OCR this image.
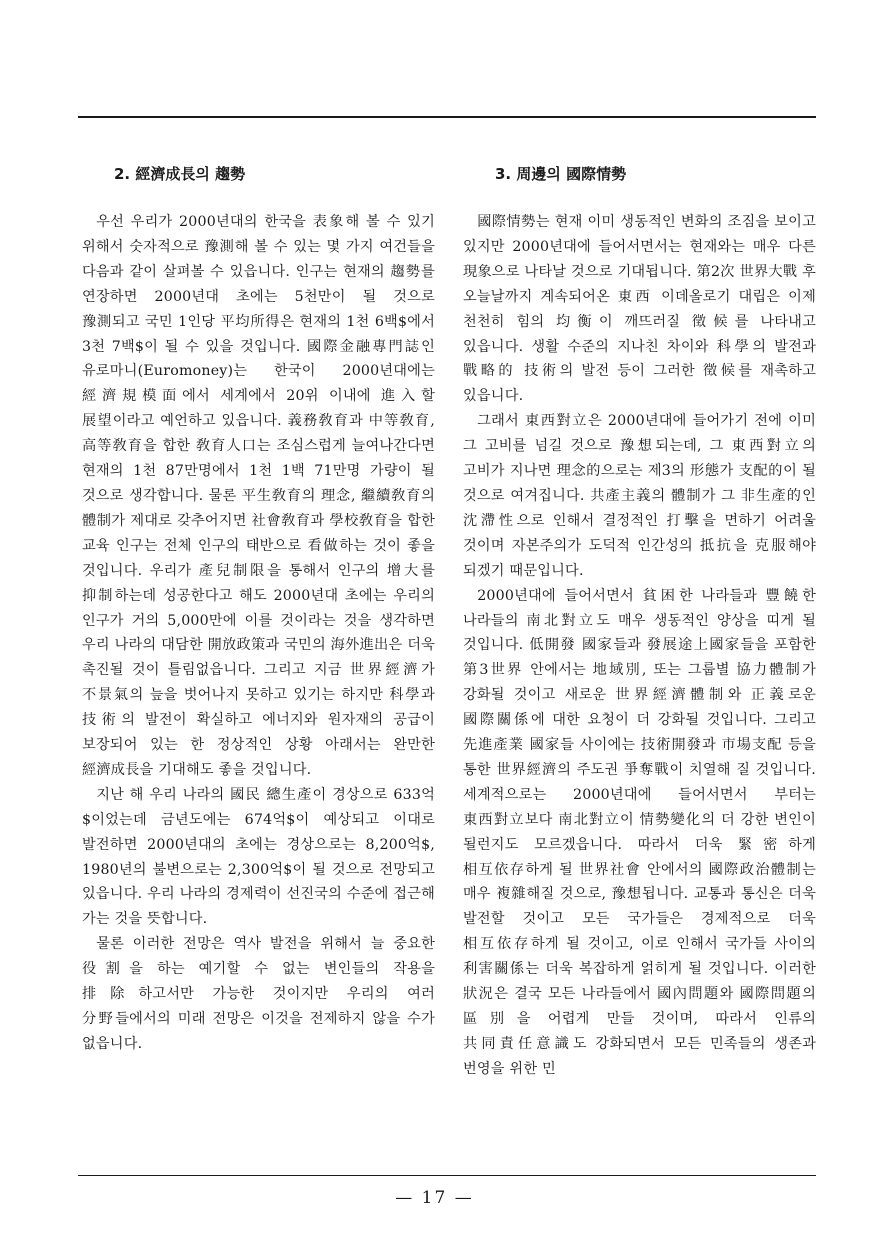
2. 經濟成長의 趨勢

우선 우리가 2000년대의 한국을 表象해 볼 수 있기 위해서 숫자적으로 豫測해 볼 수 있는 몇 가지 여건들을 다음과 같이 살펴볼 수 있읍니다. 인구는 현재의 趨勢를 연장하면 2000년대 초에는 5천만이 될 것으로 豫測되고 국민 1인당 平均所得은 현재의 1천 6백$에서 3천 7백$이 될 수 있을 것입니다. 國際金融專門誌인 유로마니(Euromoney)는 한국이 2000년대에는 經濟規模面에서 세계에서 20위 이내에 進入할 展望이라고 예언하고 있읍니다. 義務敎育과 中等敎育, 高等敎育을 합한 敎育人口는 조심스럽게 늘여나간다면 현재의 1천 87만명에서 1천 1백 71만명 가량이 될 것으로 생각합니다. 물론 平生敎育의 理念, 繼續敎育의 體制가 제대로 갖추어지면 社會敎育과 學校敎育을 합한 교육 인구는 전체 인구의 태반으로 看做하는 것이 좋을 것입니다. 우리가 產兒制限을 통해서 인구의 增大를 抑制하는데 성공한다고 해도 2000년대 초에는 우리의 인구가 거의 5,000만에 이를 것이라는 것을 생각하면 우리 나라의 대담한 開放政策과 국민의 海外進出은 더욱 촉진될 것이 틀림없읍니다. 그리고 지금 世界經濟가 不景氣의 늪을 벗어나지 못하고 있기는 하지만 科學과 技術의 발전이 확실하고 에너지와 원자재의 공급이 보장되어 있는 한 정상적인 상황 아래서는 완만한 經濟成長을 기대해도 좋을 것입니다.

지난 해 우리 나라의 國民 總生產이 경상으로 633억$이었는데 금년도에는 674억$이 예상되고 이대로 발전하면 2000년대의 초에는 경상으로는 8,200억$, 1980년의 불변으로는 2,300억$이 될 것으로 전망되고 있읍니다. 우리 나라의 경제력이 선진국의 수준에 접근해 가는 것을 뜻합니다.

물론 이러한 전망은 역사 발전을 위해서 늘 중요한 役割을 하는 예기할 수 없는 변인들의 작용을 排除하고서만 가능한 것이지만 우리의 여러 分野들에서의 미래 전망은 이것을 전제하지 않을 수가 없읍니다.

3. 周邊의 國際情勢

國際情勢는 현재 이미 생동적인 변화의 조짐을 보이고 있지만 2000년대에 들어서면서는 현재와는 매우 다른 現象으로 나타날 것으로 기대됩니다. 第2次 世界大戰 후 오늘날까지 계속되어온 東西 이데올로기 대립은 이제 천천히 힘의 均衡이 깨뜨러질 徵候를 나타내고 있읍니다. 생활 수준의 지나친 차이와 科學의 발전과 戰略的 技術의 발전 등이 그러한 徵候를 재촉하고 있읍니다.

그래서 東西對立은 2000년대에 들어가기 전에 이미 그 고비를 넘길 것으로 豫想되는데, 그 東西對立의 고비가 지나면 理念的으로는 제3의 形態가 支配的이 될 것으로 여겨집니다. 共產主義의 體制가 그 非生產的인 沈滯性으로 인해서 결정적인 打擊을 면하기 어려울 것이며 자본주의가 도덕적 인간성의 抵抗을 克服해야 되겠기 때문입니다.

2000년대에 들어서면서 貧困한 나라들과 豐饒한 나라들의 南北對立도 매우 생동적인 양상을 띠게 될 것입니다. 低開發 國家들과 發展途上國家들을 포함한 第3世界 안에서는 地域別, 또는 그룹별 協力體制가 강화될 것이고 새로운 世界經濟體制와 正義로운 國際關係에 대한 요청이 더 강화될 것입니다. 그리고 先進產業 國家들 사이에는 技術開發과 市場支配 등을 통한 世界經濟의 주도권 爭奪戰이 치열해 질 것입니다. 세계적으로는 2000년대에 들어서면서 부터는 東西對立보다 南北對立이 情勢變化의 더 강한 변인이 될런지도 모르겠읍니다. 따라서 더욱 緊密하게 相互依存하게 될 世界社會 안에서의 國際政治體制는 매우 複雜해질 것으로, 豫想됩니다. 교통과 통신은 더욱 발전할 것이고 모든 국가들은 경제적으로 더욱 相互依存하게 될 것이고, 이로 인해서 국가들 사이의 利害關係는 더욱 복잡하게 얽히게 될 것입니다. 이러한 狀況은 결국 모든 나라들에서 國內問題와 國際問題의 區別을 어렵게 만들 것이며, 따라서 인류의 共同責任意識도 강화되면서 모든 민족들의 생존과 번영을 위한 민

— 17 —
